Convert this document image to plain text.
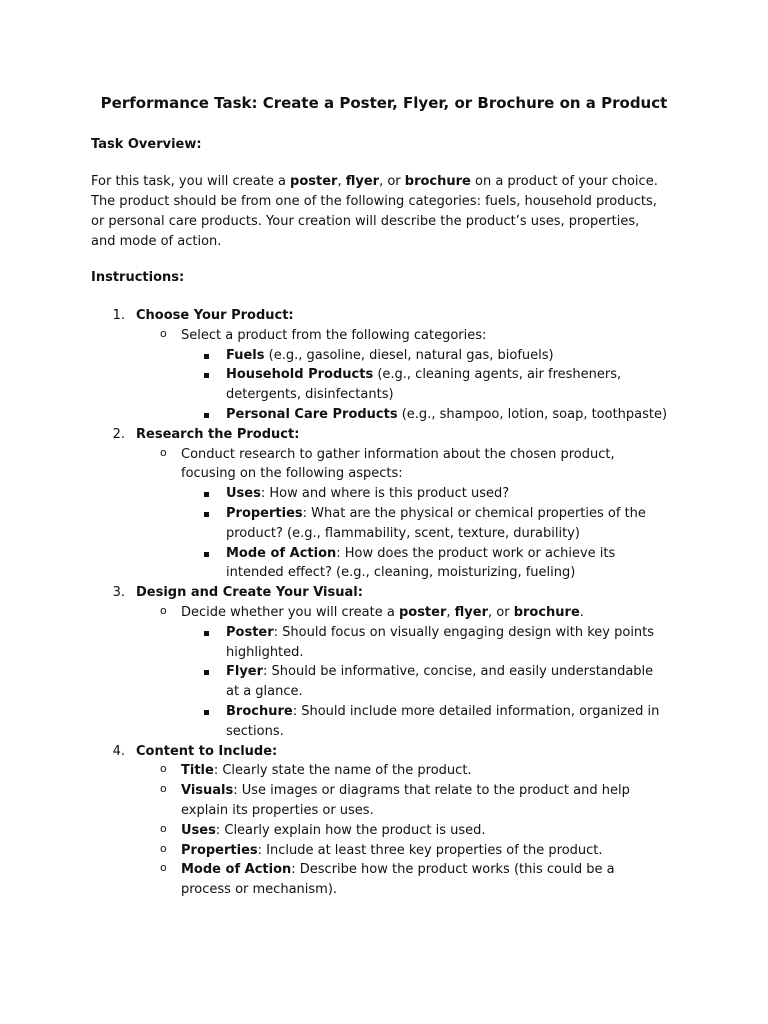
Performance Task: Create a Poster, Flyer, or Brochure on a Product
Task Overview:
For this task, you will create a poster, flyer, or brochure on a product of your choice.
The product should be from one of the following categories: fuels, household products,
or personal care products. Your creation will describe the product’s uses, properties,
and mode of action.
Instructions:
1. Choose Your Product:
o Select a product from the following categories:
Fuels (e.g., gasoline, diesel, natural gas, biofuels)
Household Products (e.g., cleaning agents, air fresheners,
detergents, disinfectants)
Personal Care Products (e.g., shampoo, lotion, soap, toothpaste)
2. Research the Product:
o Conduct research to gather information about the chosen product,
focusing on the following aspects:
Uses: How and where is this product used?
Properties: What are the physical or chemical properties of the
product? (e.g., flammability, scent, texture, durability)
Mode of Action: How does the product work or achieve its
intended effect? (e.g., cleaning, moisturizing, fueling)
3. Design and Create Your Visual:
o Decide whether you will create a poster, flyer, or brochure.
Poster: Should focus on visually engaging design with key points
highlighted.
Flyer: Should be informative, concise, and easily understandable
at a glance.
Brochure: Should include more detailed information, organized in
sections.
4. Content to Include:
o Title: Clearly state the name of the product.
o Visuals: Use images or diagrams that relate to the product and help
explain its properties or uses.
o Uses: Clearly explain how the product is used.
o Properties: Include at least three key properties of the product.
o Mode of Action: Describe how the product works (this could be a
process or mechanism).
